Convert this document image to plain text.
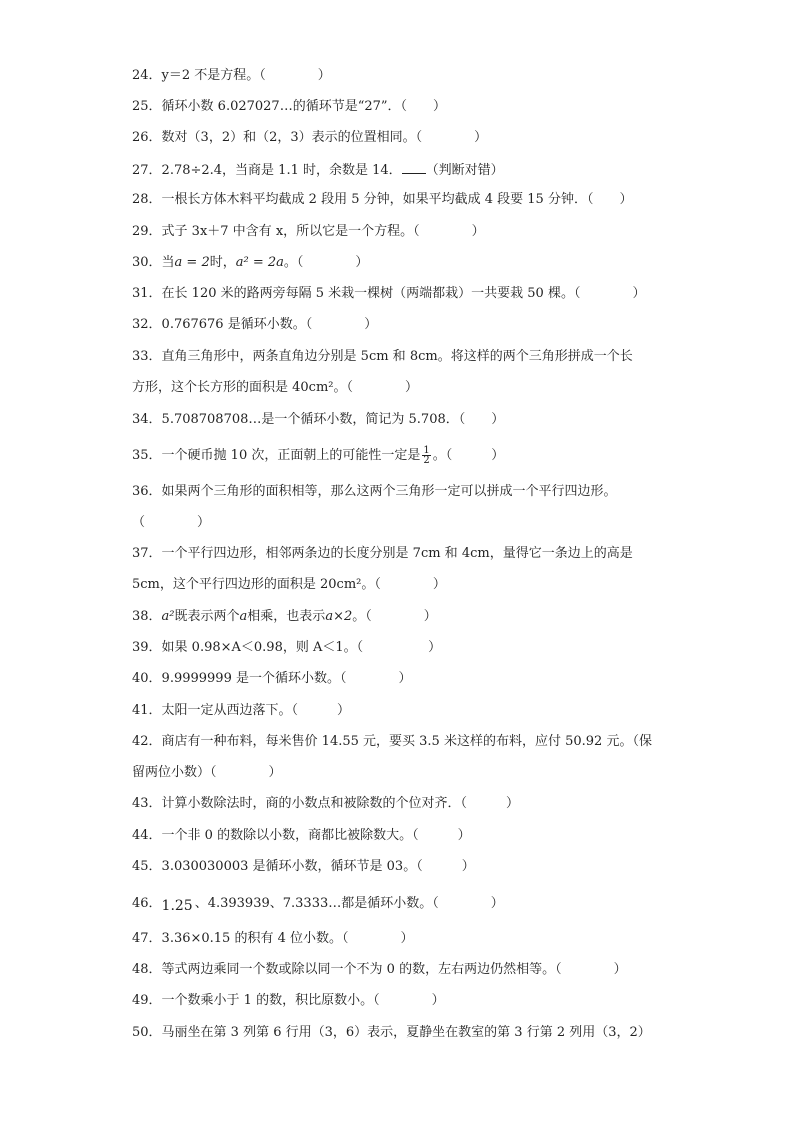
24．y＝2 不是方程。（　　　　）
25．循环小数 6.027027…的循环节是“27”．（　　）
26．数对（3，2）和（2，3）表示的位置相同。（　　　　）
27．2.78÷2.4，当商是 1.1 时，余数是 14． （判断对错）
28．一根长方体木料平均截成 2 段用 5 分钟，如果平均截成 4 段要 15 分钟．（　　）
29．式子 3x＋7 中含有 x，所以它是一个方程。（　　　　）
30．当a = 2时，a² = 2a。（　　　　）
31．在长 120 米的路两旁每隔 5 米栽一棵树（两端都栽）一共要栽 50 棵。（　　　　）
32．0.767676 是循环小数。（　　　　）
33．直角三角形中，两条直角边分别是 5cm 和 8cm。将这样的两个三角形拼成一个长
方形，这个长方形的面积是 40cm²。（　　　　）
34．5.708708708…是一个循环小数，简记为 5.708．（　　）
35．一个硬币抛 10 次，正面朝上的可能性一定是 $\frac{1}{2}$ 。（　　　）
36．如果两个三角形的面积相等，那么这两个三角形一定可以拼成一个平行四边形。
（　　　　）
37．一个平行四边形，相邻两条边的长度分别是 7cm 和 4cm，量得它一条边上的高是
5cm，这个平行四边形的面积是 20cm²。（　　　　）
38．a²既表示两个a相乘，也表示a×2。（　　　　）
39．如果 0.98×A＜0.98，则 A＜1。（　　　　　）
40．9.9999999 是一个循环小数。（　　　　）
41．太阳一定从西边落下。（　　　）
42．商店有一种布料，每米售价 14.55 元，要买 3.5 米这样的布料，应付 50.92 元。（保
留两位小数）（　　　　）
43．计算小数除法时，商的小数点和被除数的个位对齐．（　　　）
44．一个非 0 的数除以小数，商都比被除数大。（　　　）
45．3.030030003 是循环小数，循环节是 03。（　　　）
46．1.25 、4.393939、7.3333…都是循环小数。（　　　　）
47．3.36×0.15 的积有 4 位小数。（　　　　）
48．等式两边乘同一个数或除以同一个不为 0 的数，左右两边仍然相等。（　　　　）
49．一个数乘小于 1 的数，积比原数小。（　　　　）
50．马丽坐在第 3 列第 6 行用（3，6）表示，夏静坐在教室的第 3 行第 2 列用（3，2）
